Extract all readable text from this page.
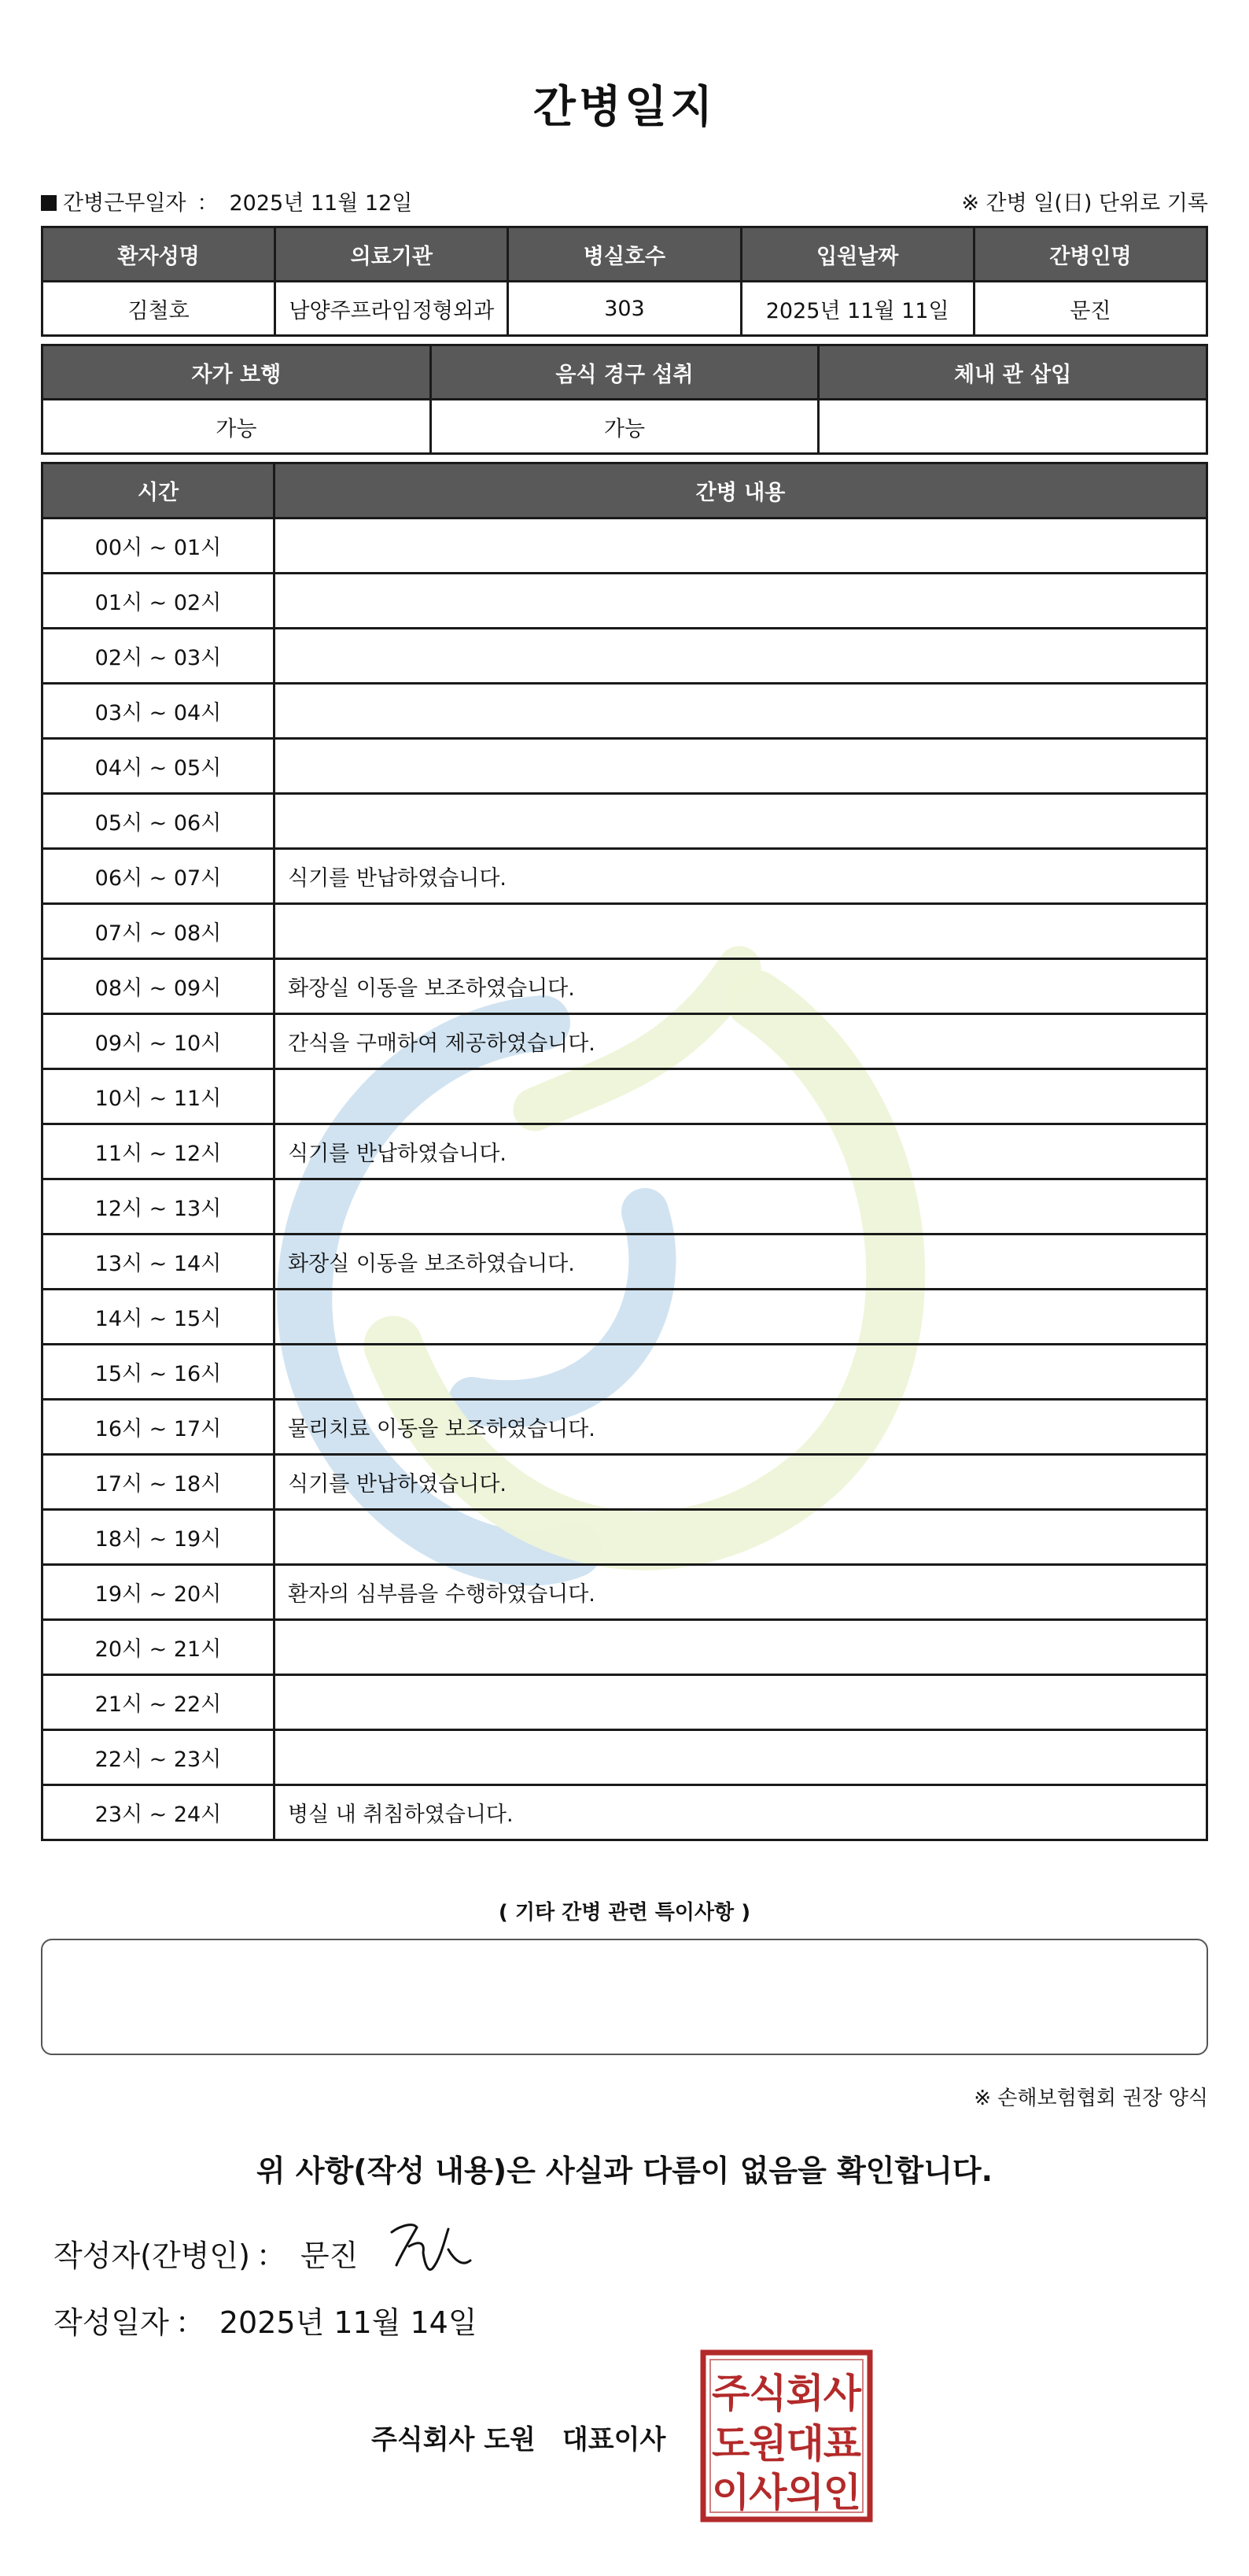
간병일지
간병근무일자 ： 2025년 11월 12일	※ 간병 일(日) 단위로 기록
환자성명	의료기관	병실호수	입원날짜	간병인명
김철호	남양주프라임정형외과	303	2025년 11월 11일	문진
자가 보행	음식 경구 섭취	체내 관 삽입
가능	가능	
시간	간병 내용
00시 ~ 01시	
01시 ~ 02시	
02시 ~ 03시	
03시 ~ 04시	
04시 ~ 05시	
05시 ~ 06시	
06시 ~ 07시	식기를 반납하였습니다.
07시 ~ 08시	
08시 ~ 09시	화장실 이동을 보조하였습니다.
09시 ~ 10시	간식을 구매하여 제공하였습니다.
10시 ~ 11시	
11시 ~ 12시	식기를 반납하였습니다.
12시 ~ 13시	
13시 ~ 14시	화장실 이동을 보조하였습니다.
14시 ~ 15시	
15시 ~ 16시	
16시 ~ 17시	물리치료 이동을 보조하였습니다.
17시 ~ 18시	식기를 반납하였습니다.
18시 ~ 19시	
19시 ~ 20시	환자의 심부름을 수행하였습니다.
20시 ~ 21시	
21시 ~ 22시	
22시 ~ 23시	
23시 ~ 24시	병실 내 취침하였습니다.
( 기타 간병 관련 특이사항 )
※ 손해보험협회 권장 양식
위 사항(작성 내용)은 사실과 다름이 없음을 확인합니다.
작성자(간병인) ： 문진
작성일자 ： 2025년 11월 14일
주식회사 도원 대표이사
주식회사
도원대표
이사의인
